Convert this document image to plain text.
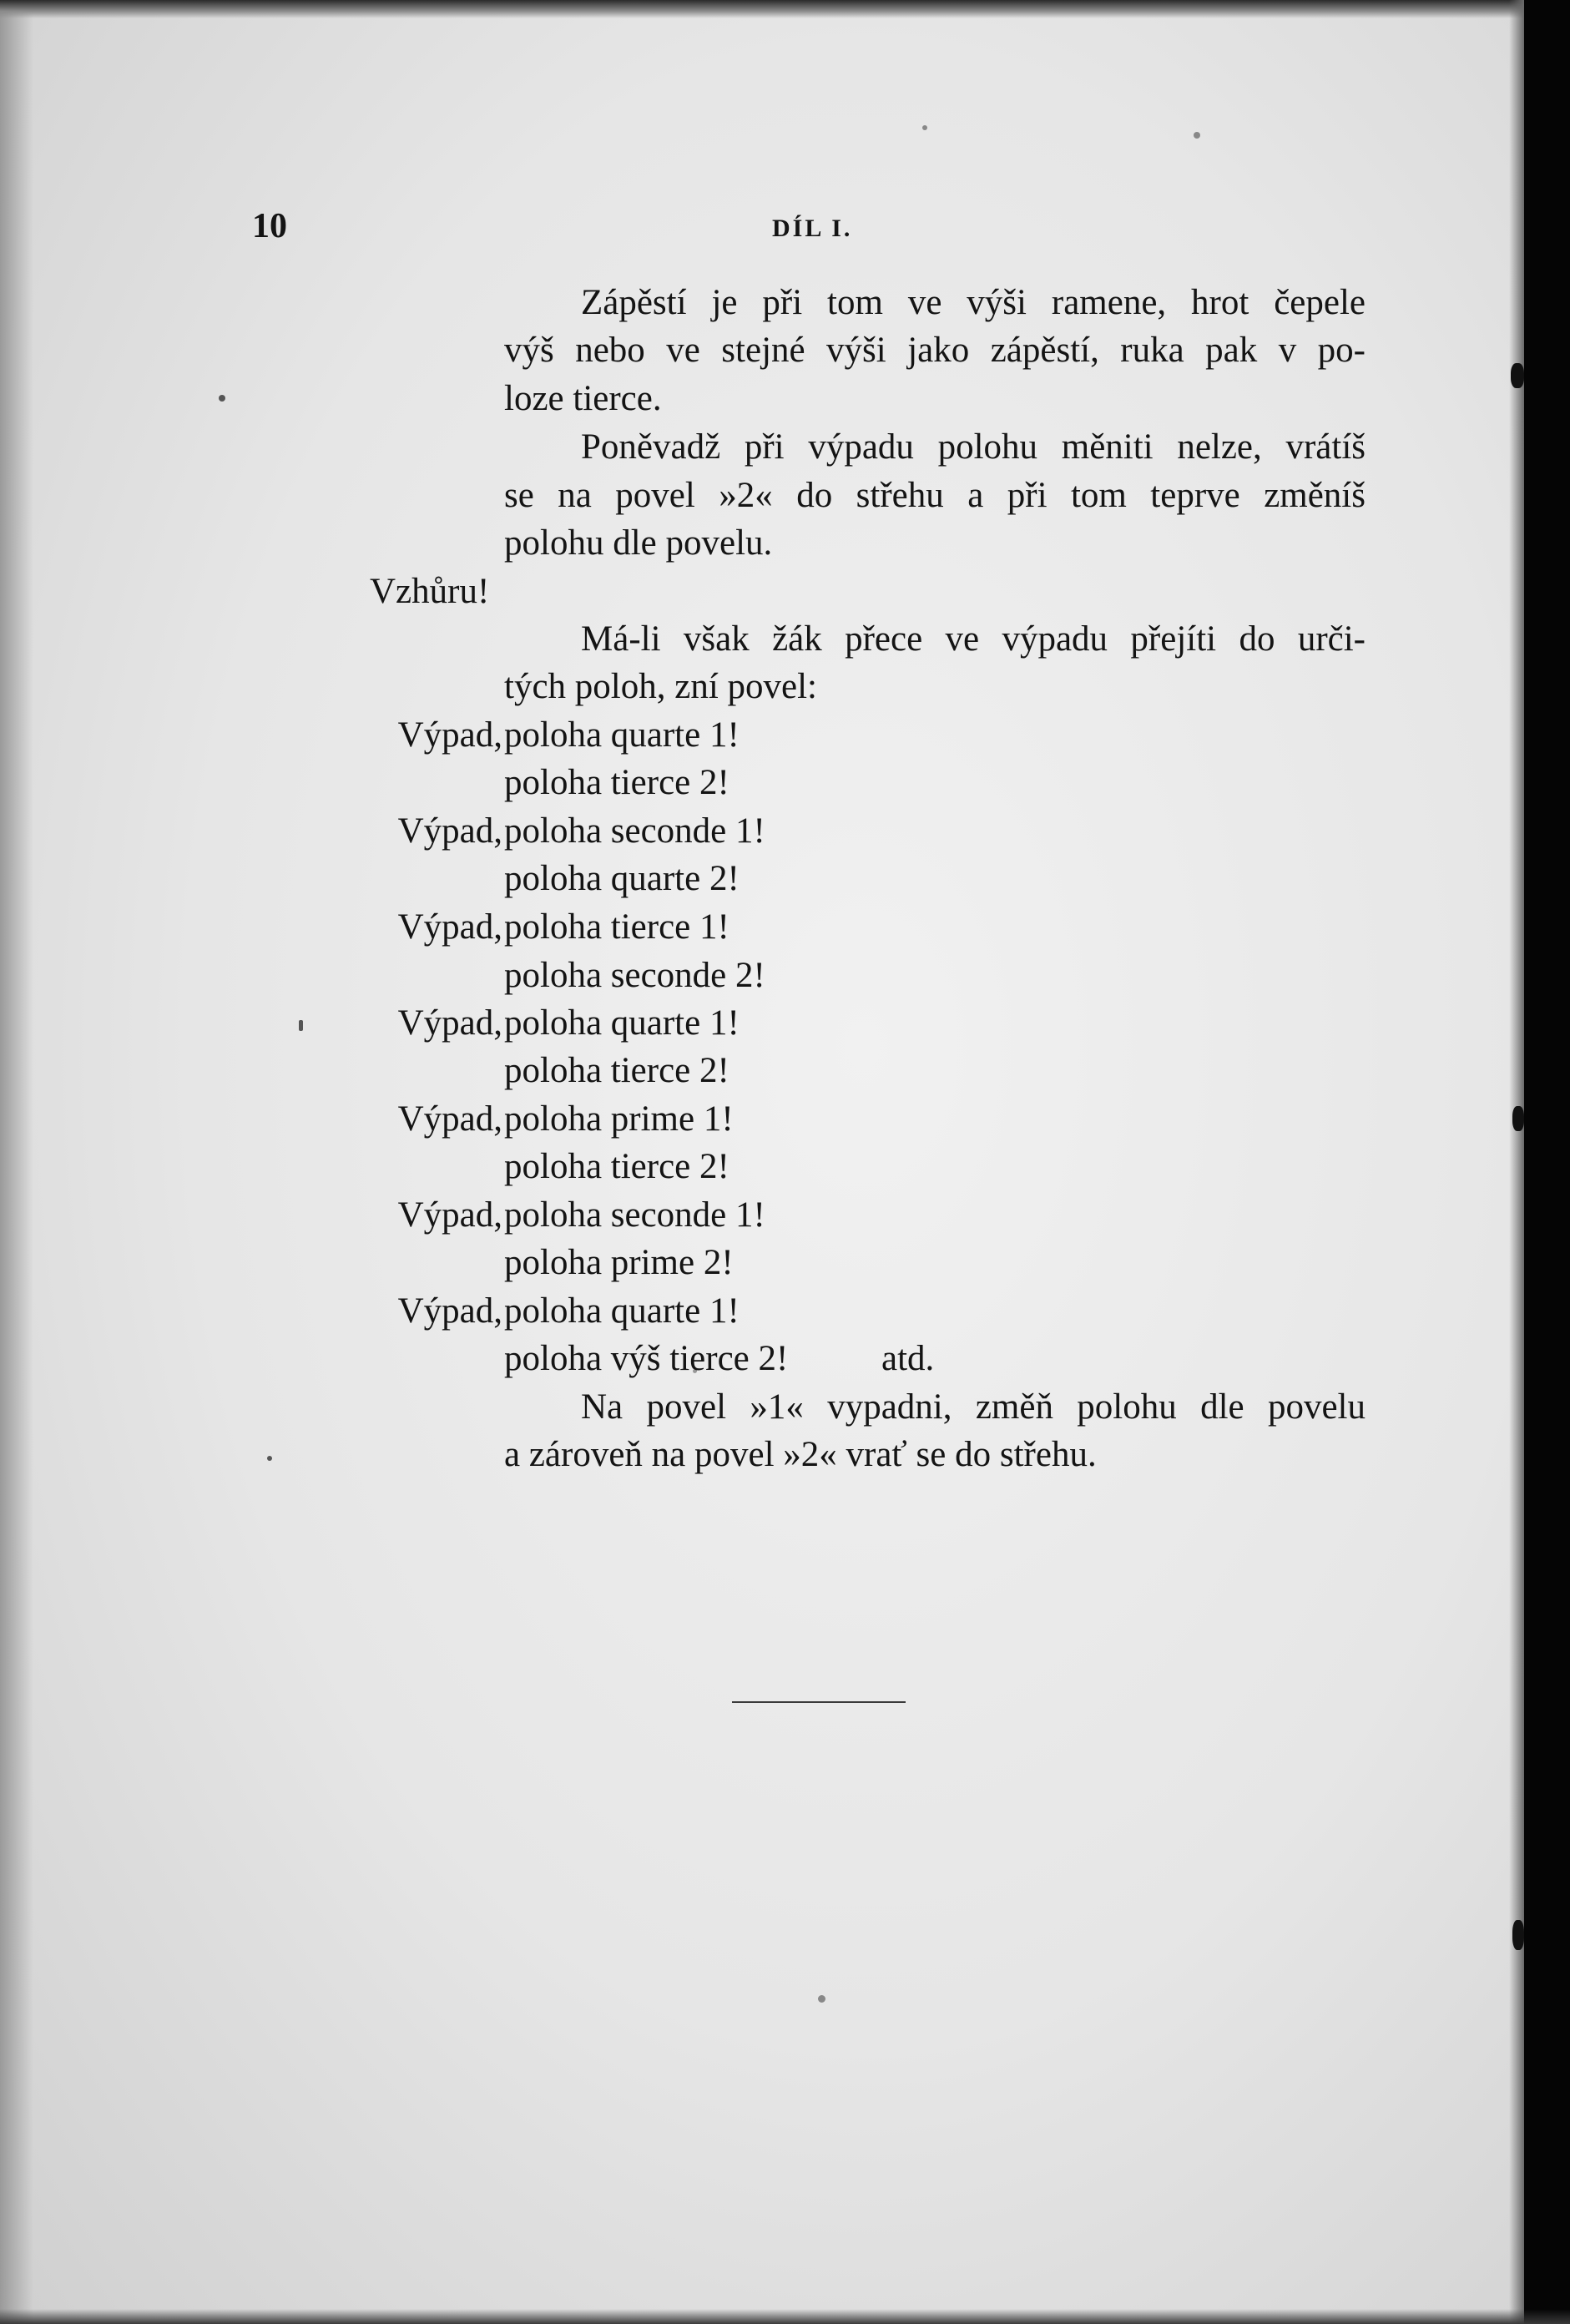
10	DÍL I.
Zápěstí je při tom ve výši ramene, hrot čepele
výš nebo ve stejné výši jako zápěstí, ruka pak v po-
loze tierce.
Poněvadž při výpadu polohu měniti nelze, vrátíš
se na povel »2« do střehu a při tom teprve změníš
polohu dle povelu.
Vzhůru!
Má-li však žák přece ve výpadu přejíti do urči-
tých poloh, zní povel:
Výpad, poloha quarte 1!
poloha tierce 2!
Výpad, poloha seconde 1!
poloha quarte 2!
Výpad, poloha tierce 1!
poloha seconde 2!
Výpad, poloha quarte 1!
poloha tierce 2!
Výpad, poloha prime 1!
poloha tierce 2!
Výpad, poloha seconde 1!
poloha prime 2!
Výpad, poloha quarte 1!
poloha výš tierce 2!	atd.
Na povel »1« vypadni, změň polohu dle povelu
a zároveň na povel »2« vrať se do střehu.
